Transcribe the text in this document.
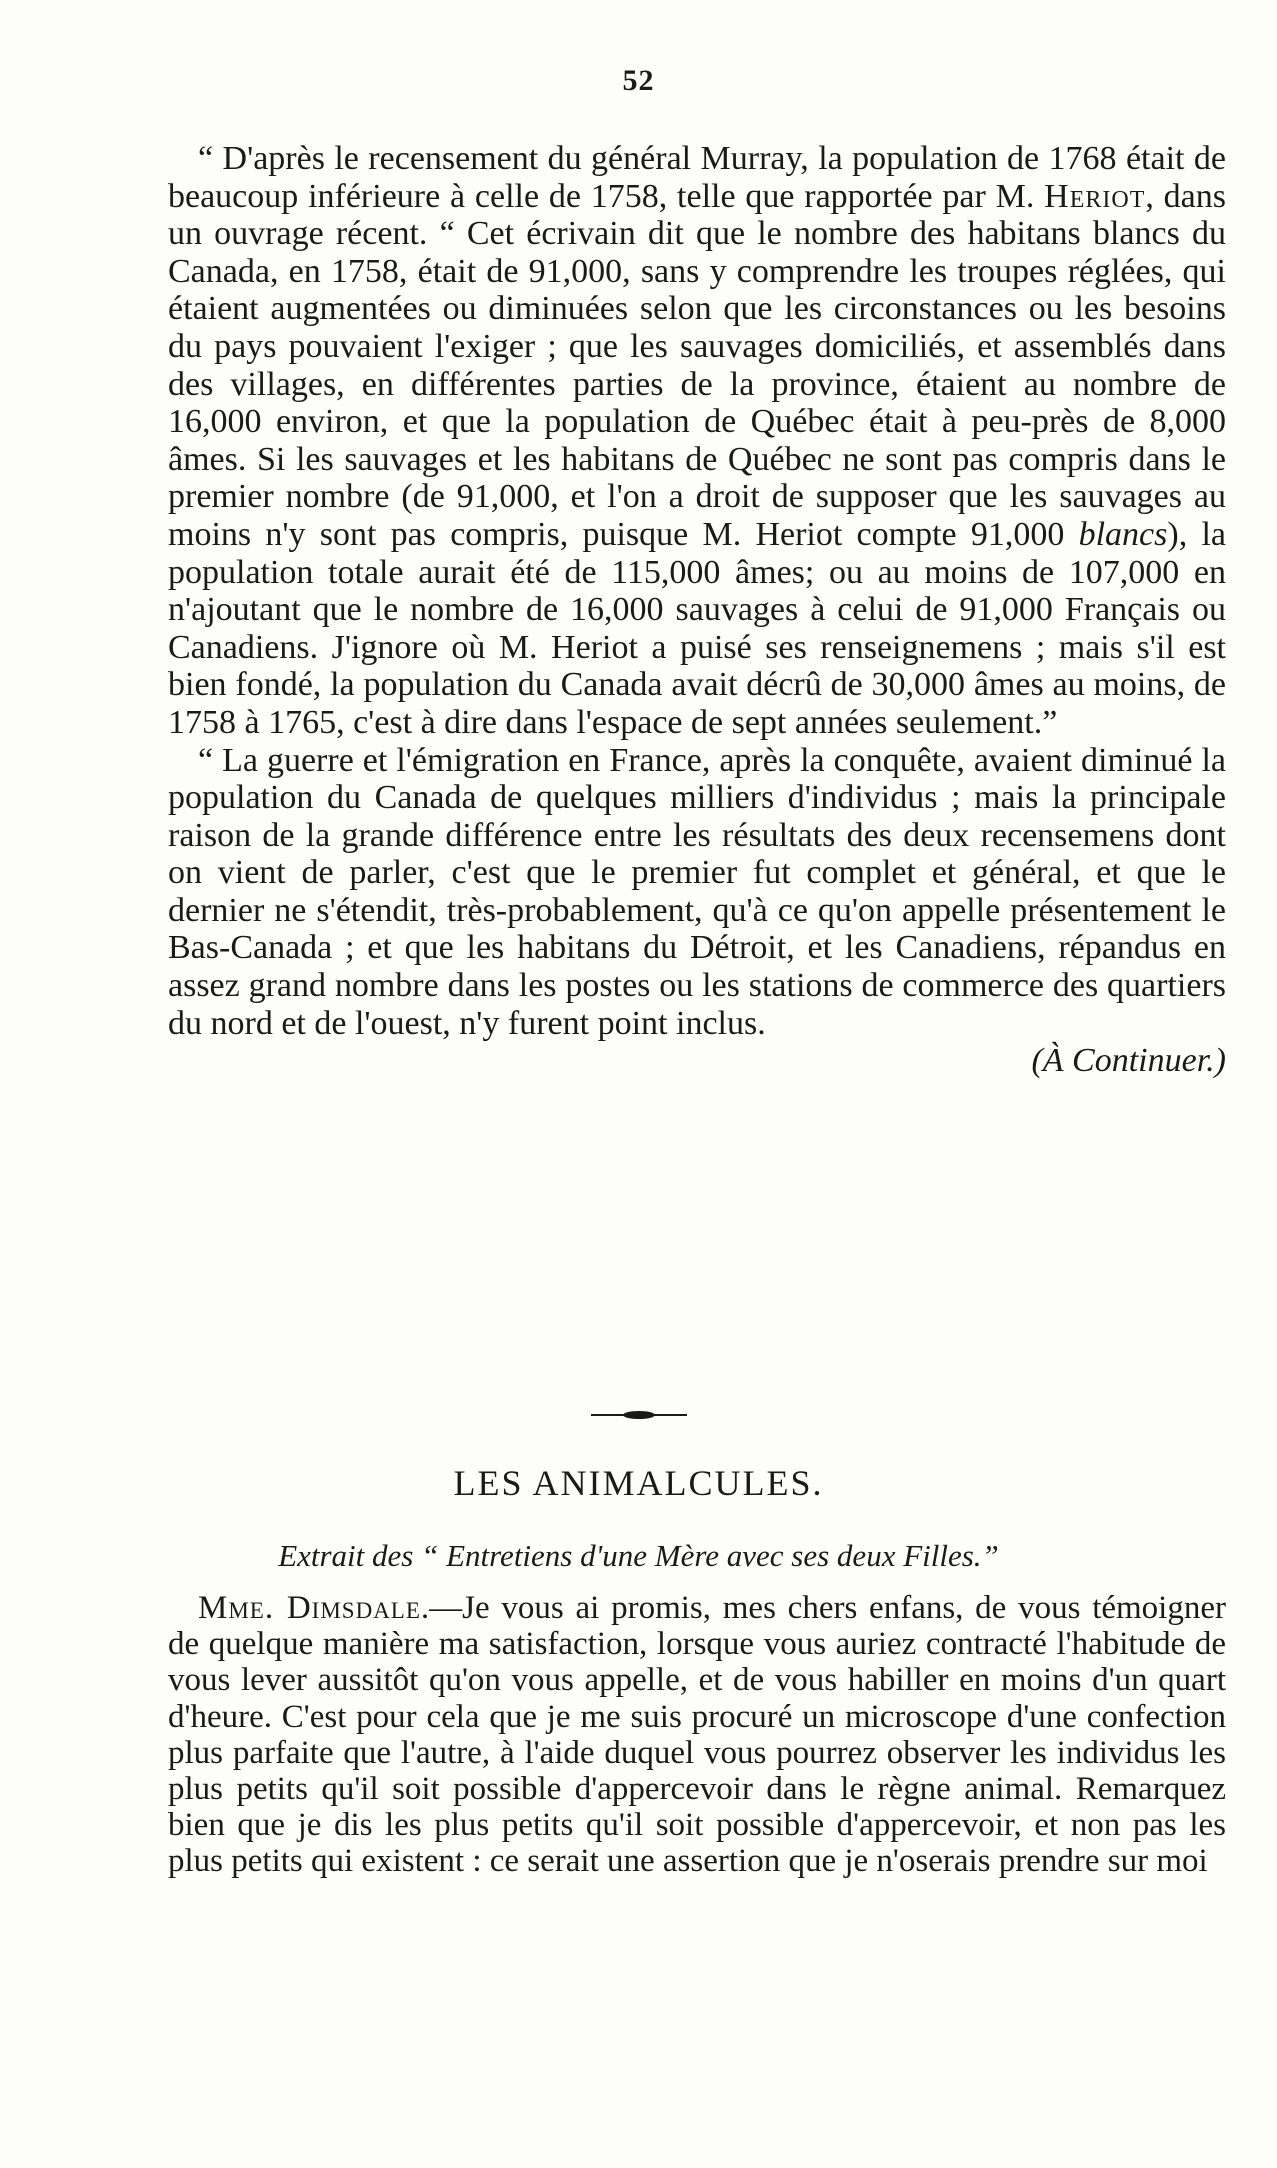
52

“ D'après le recensement du général Murray, la population de 1768 était de beaucoup inférieure à celle de 1758, telle que rapportée par M. Heriot, dans un ouvrage récent. “ Cet écrivain dit que le nombre des habitans blancs du Canada, en 1758, était de 91,000, sans y comprendre les troupes réglées, qui étaient augmentées ou diminuées selon que les circonstances ou les besoins du pays pouvaient l'exiger ; que les sauvages domiciliés, et assemblés dans des villages, en différentes parties de la province, étaient au nombre de 16,000 environ, et que la population de Québec était à peu-près de 8,000 âmes. Si les sauvages et les habitans de Québec ne sont pas compris dans le premier nombre (de 91,000, et l'on a droit de supposer que les sauvages au moins n'y sont pas compris, puisque M. Heriot compte 91,000 blancs), la population totale aurait été de 115,000 âmes; ou au moins de 107,000 en n'ajoutant que le nombre de 16,000 sauvages à celui de 91,000 Français ou Canadiens. J'ignore où M. Heriot a puisé ses renseignemens ; mais s'il est bien fondé, la population du Canada avait décrû de 30,000 âmes au moins, de 1758 à 1765, c'est à dire dans l'espace de sept années seulement.”

“ La guerre et l'émigration en France, après la conquête, avaient diminué la population du Canada de quelques milliers d'individus ; mais la principale raison de la grande différence entre les résultats des deux recensemens dont on vient de parler, c'est que le premier fut complet et général, et que le dernier ne s'étendit, très-probablement, qu'à ce qu'on appelle présentement le Bas-Canada ; et que les habitans du Détroit, et les Canadiens, répandus en assez grand nombre dans les postes ou les stations de commerce des quartiers du nord et de l'ouest, n'y furent point inclus.

(À Continuer.)

LES ANIMALCULES.

Extrait des “ Entretiens d'une Mère avec ses deux Filles.”

Mme. Dimsdale.—Je vous ai promis, mes chers enfans, de vous témoigner de quelque manière ma satisfaction, lorsque vous auriez contracté l'habitude de vous lever aussitôt qu'on vous appelle, et de vous habiller en moins d'un quart d'heure. C'est pour cela que je me suis procuré un microscope d'une confection plus parfaite que l'autre, à l'aide duquel vous pourrez observer les individus les plus petits qu'il soit possible d'appercevoir dans le règne animal. Remarquez bien que je dis les plus petits qu'il soit possible d'appercevoir, et non pas les plus petits qui existent : ce serait une assertion que je n'oserais prendre sur moi
